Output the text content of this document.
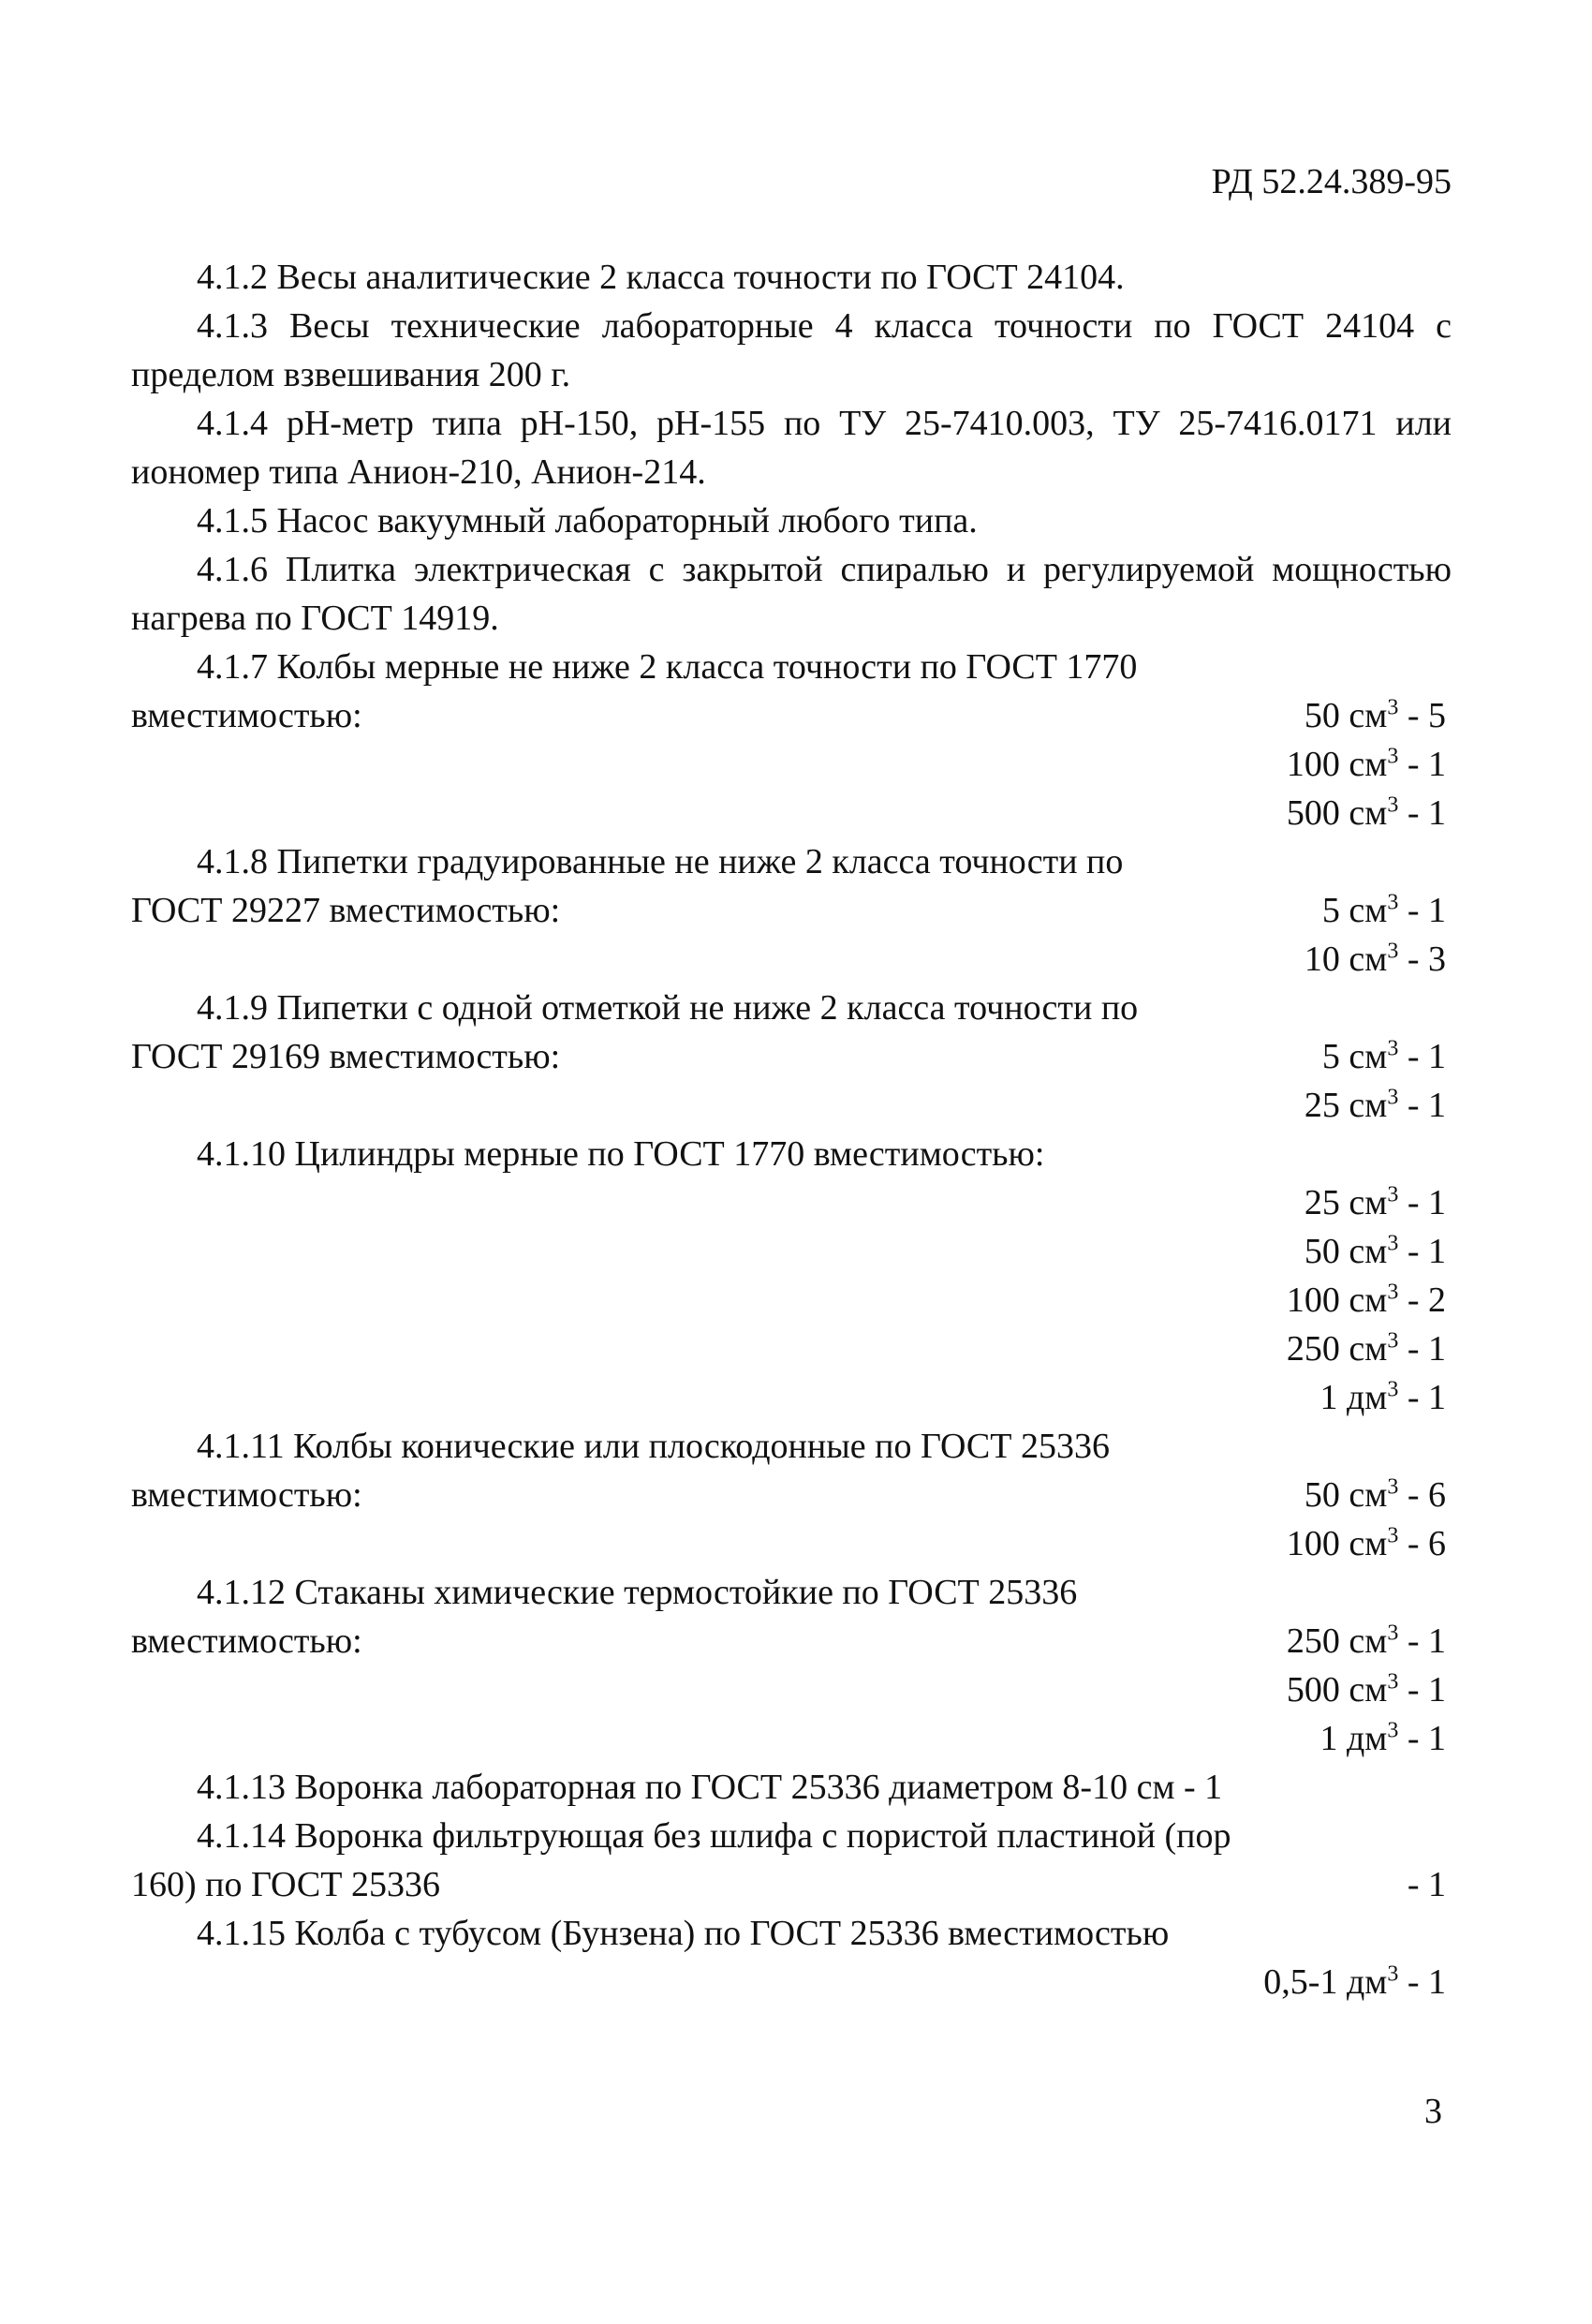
РД 52.24.389-95

4.1.2 Весы аналитические 2 класса точности по ГОСТ 24104.

4.1.3 Весы технические лабораторные 4 класса точности по ГОСТ 24104 с пределом взвешивания 200 г.

4.1.4 pH-метр типа pH-150, pH-155 по ТУ 25-7410.003, ТУ 25-7416.0171 или иономер типа Анион-210, Анион-214.

4.1.5 Насос вакуумный лабораторный любого типа.

4.1.6 Плитка электрическая с закрытой спиралью и регулируемой мощностью нагрева по ГОСТ 14919.

4.1.7 Колбы мерные не ниже 2 класса точности по ГОСТ 1770

вместимостью:	50 $см^3 - 5$
100 $см^3 - 1$
500 $см^3 - 1$

4.1.8 Пипетки градуированные не ниже 2 класса точности по

ГОСТ 29227 вместимостью:	5 $см^3 - 1$
10 $см^3 - 3$

4.1.9 Пипетки с одной отметкой не ниже 2 класса точности по

ГОСТ 29169 вместимостью:	5 $см^3 - 1$
25 $см^3 - 1$

4.1.10 Цилиндры мерные по ГОСТ 1770 вместимостью:

25 $см^3 - 1$
50 $см^3 - 1$
100 $см^3 - 2$
250 $см^3 - 1$
1 $дм^3 - 1$

4.1.11 Колбы конические или плоскодонные по ГОСТ 25336

вместимостью:	50 $см^3 - 6$
100 $см^3 - 6$

4.1.12 Стаканы химические термостойкие по ГОСТ 25336

вместимостью:	250 $см^3 - 1$
500 $см^3 - 1$
1 $дм^3 - 1$

4.1.13 Воронка лабораторная по ГОСТ 25336 диаметром 8-10 см - 1

4.1.14 Воронка фильтрующая без шлифа с пористой пластиной (пор

160) по ГОСТ 25336	- 1

4.1.15 Колба с тубусом (Бунзена) по ГОСТ 25336 вместимостью

0,5-1 $дм^3 - 1$
3
